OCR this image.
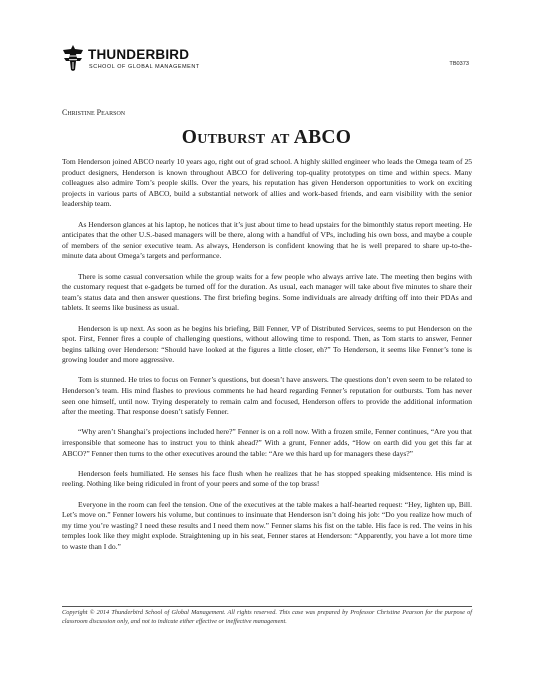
THUNDERBIRD
SCHOOL OF GLOBAL MANAGEMENT	TB0373
Christine Pearson
Outburst at ABCO

Tom Henderson joined ABCO nearly 10 years ago, right out of grad school. A highly skilled engineer who leads the Omega team of 25 product designers, Henderson is known throughout ABCO for delivering top-quality prototypes on time and within specs. Many colleagues also admire Tom’s people skills. Over the years, his reputation has given Henderson opportunities to work on exciting projects in various parts of ABCO, build a substantial network of allies and work-based friends, and earn visibility with the senior leadership team.

As Henderson glances at his laptop, he notices that it’s just about time to head upstairs for the bimonthly status report meeting. He anticipates that the other U.S.-based managers will be there, along with a handful of VPs, including his own boss, and maybe a couple of members of the senior executive team. As always, Henderson is confident knowing that he is well prepared to share up-to-the-minute data about Omega’s targets and performance.

There is some casual conversation while the group waits for a few people who always arrive late. The meeting then begins with the customary request that e-gadgets be turned off for the duration. As usual, each manager will take about five minutes to share their team’s status data and then answer questions. The first briefing begins. Some individuals are already drifting off into their PDAs and tablets. It seems like business as usual.

Henderson is up next. As soon as he begins his briefing, Bill Fenner, VP of Distributed Services, seems to put Henderson on the spot. First, Fenner fires a couple of challenging questions, without allowing time to respond. Then, as Tom starts to answer, Fenner begins talking over Henderson: “Should have looked at the figures a little closer, eh?” To Henderson, it seems like Fenner’s tone is growing louder and more aggressive.

Tom is stunned. He tries to focus on Fenner’s questions, but doesn’t have answers. The questions don’t even seem to be related to Henderson’s team. His mind flashes to previous comments he had heard regarding Fenner’s reputation for outbursts. Tom has never seen one himself, until now. Trying desperately to remain calm and focused, Henderson offers to provide the additional information after the meeting. That response doesn’t satisfy Fenner.

“Why aren’t Shanghai’s projections included here?” Fenner is on a roll now. With a frozen smile, Fenner continues, “Are you that irresponsible that someone has to instruct you to think ahead?” With a grunt, Fenner adds, “How on earth did you get this far at ABCO?” Fenner then turns to the other executives around the table: “Are we this hard up for managers these days?”

Henderson feels humiliated. He senses his face flush when he realizes that he has stopped speaking midsentence. His mind is reeling. Nothing like being ridiculed in front of your peers and some of the top brass!

Everyone in the room can feel the tension. One of the executives at the table makes a half-hearted request: “Hey, lighten up, Bill. Let’s move on.” Fenner lowers his volume, but continues to insinuate that Henderson isn’t doing his job: “Do you realize how much of my time you’re wasting? I need these results and I need them now.” Fenner slams his fist on the table. His face is red. The veins in his temples look like they might explode. Straightening up in his seat, Fenner stares at Henderson: “Apparently, you have a lot more time to waste than I do.”

Copyright © 2014 Thunderbird School of Global Management. All rights reserved. This case was prepared by Professor Christine Pearson for the purpose of classroom discussion only, and not to indicate either effective or ineffective management.
